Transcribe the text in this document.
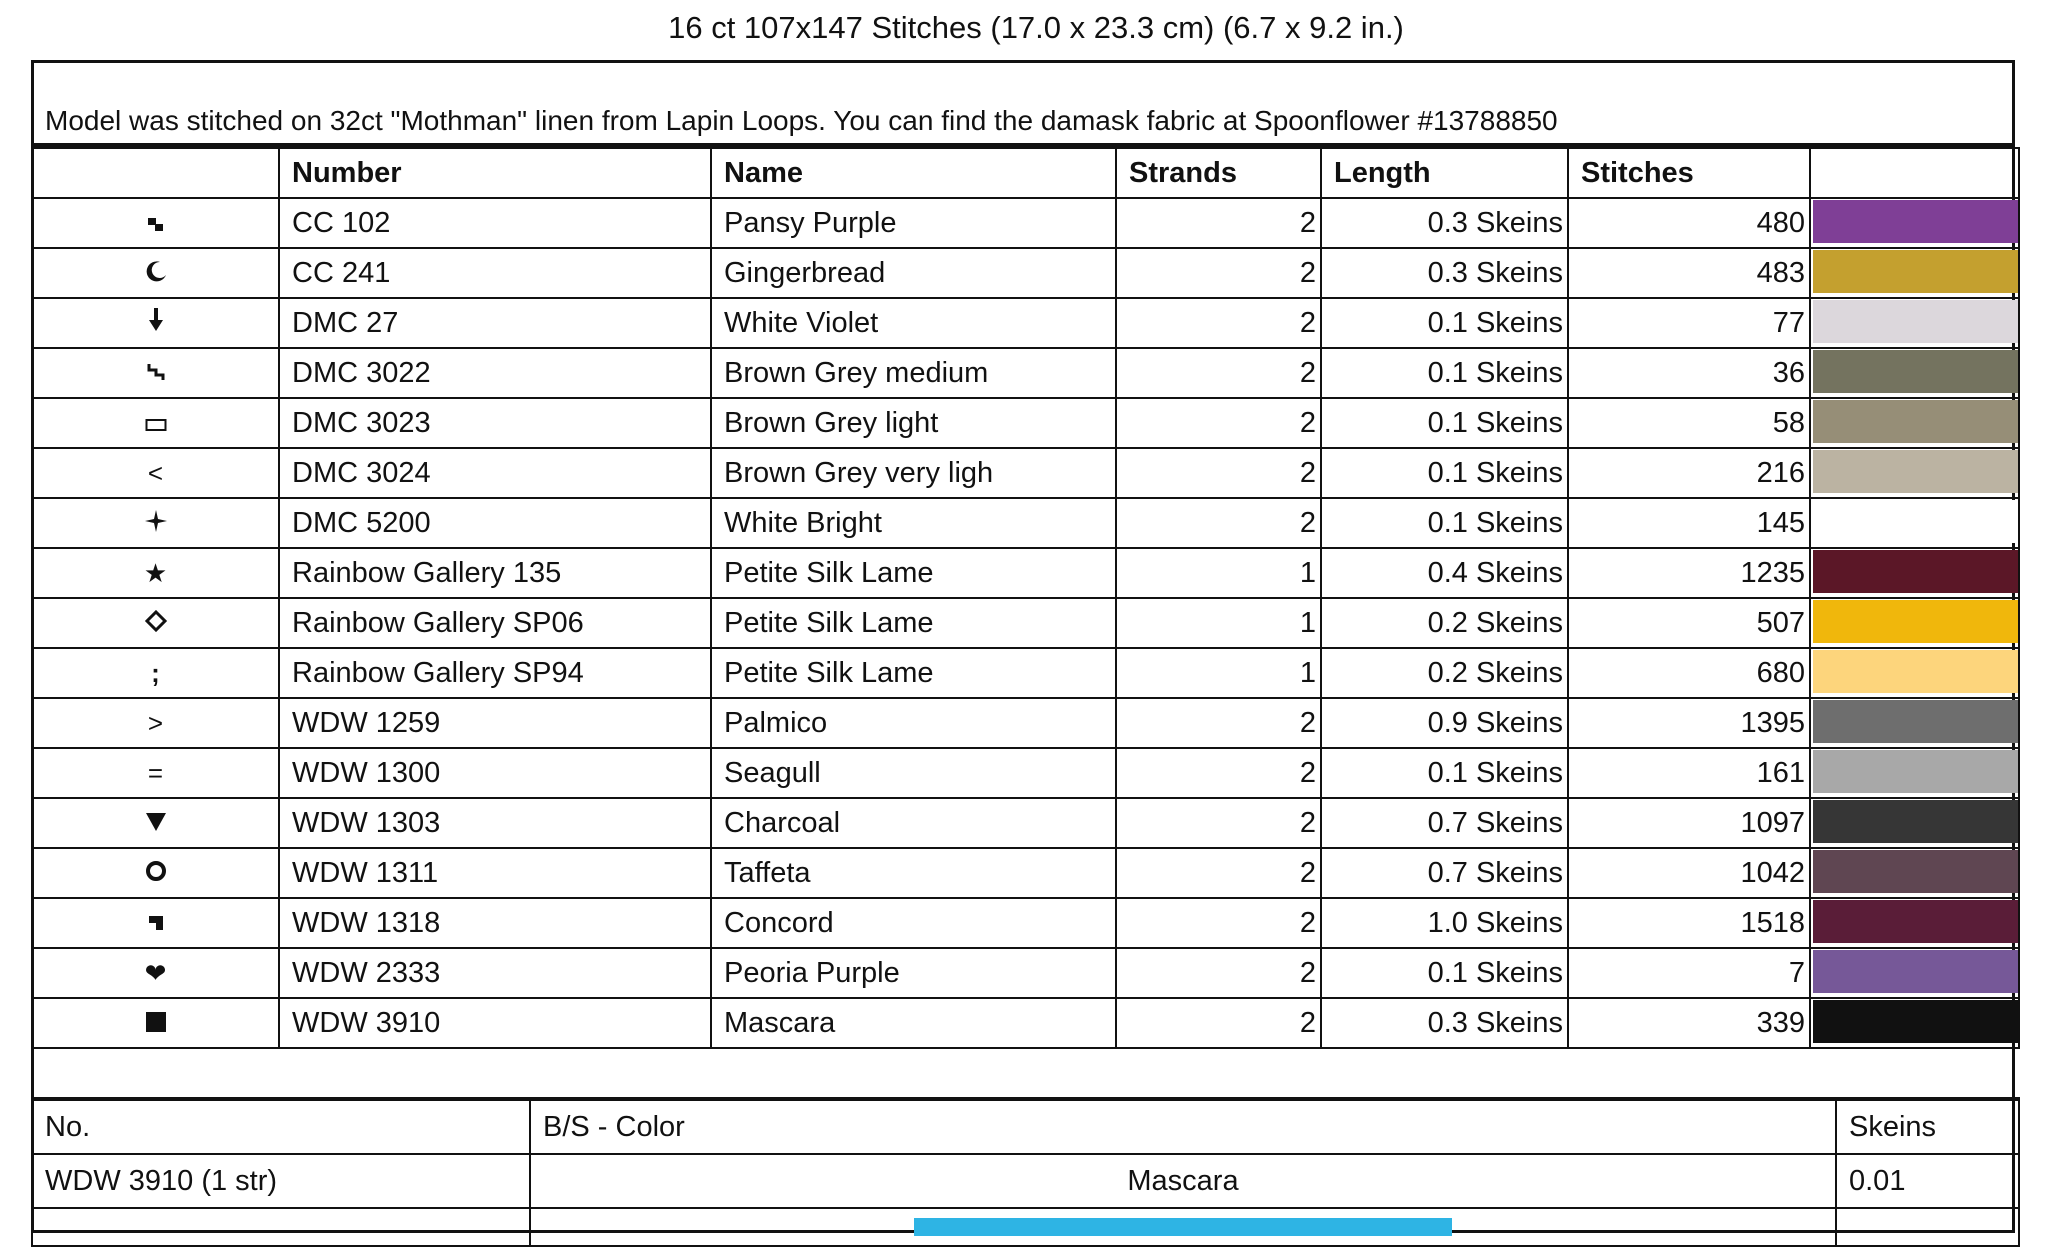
16 ct 107x147 Stitches (17.0 x 23.3 cm) (6.7 x 9.2 in.)
Model was stitched on 32ct "Mothman" linen from Lapin Loops. You can find the damask fabric at Spoonflower #13788850
	Number	Name	Strands	Length	Stitches	

	CC 102	Pansy Purple	2	0.3 Skeins	480	

	CC 241	Gingerbread	2	0.3 Skeins	483	

	DMC 27	White Violet	2	0.1 Skeins	77	

	DMC 3022	Brown Grey medium	2	0.1 Skeins	36	

	DMC 3023	Brown Grey light	2	0.1 Skeins	58	

<	DMC 3024	Brown Grey very ligh	2	0.1 Skeins	216	

	DMC 5200	White Bright	2	0.1 Skeins	145	

★	Rainbow Gallery 135	Petite Silk Lame	1	0.4 Skeins	1235	

	Rainbow Gallery SP06	Petite Silk Lame	1	0.2 Skeins	507	

;	Rainbow Gallery SP94	Petite Silk Lame	1	0.2 Skeins	680	

>	WDW 1259	Palmico	2	0.9 Skeins	1395	

=	WDW 1300	Seagull	2	0.1 Skeins	161	

	WDW 1303	Charcoal	2	0.7 Skeins	1097	

	WDW 1311	Taffeta	2	0.7 Skeins	1042	

	WDW 1318	Concord	2	1.0 Skeins	1518	

❤	WDW 2333	Peoria Purple	2	0.1 Skeins	7	

	WDW 3910	Mascara	2	0.3 Skeins	339	
No.	B/S - Color	Skeins
WDW 3910 (1 str)	Mascara	0.01
